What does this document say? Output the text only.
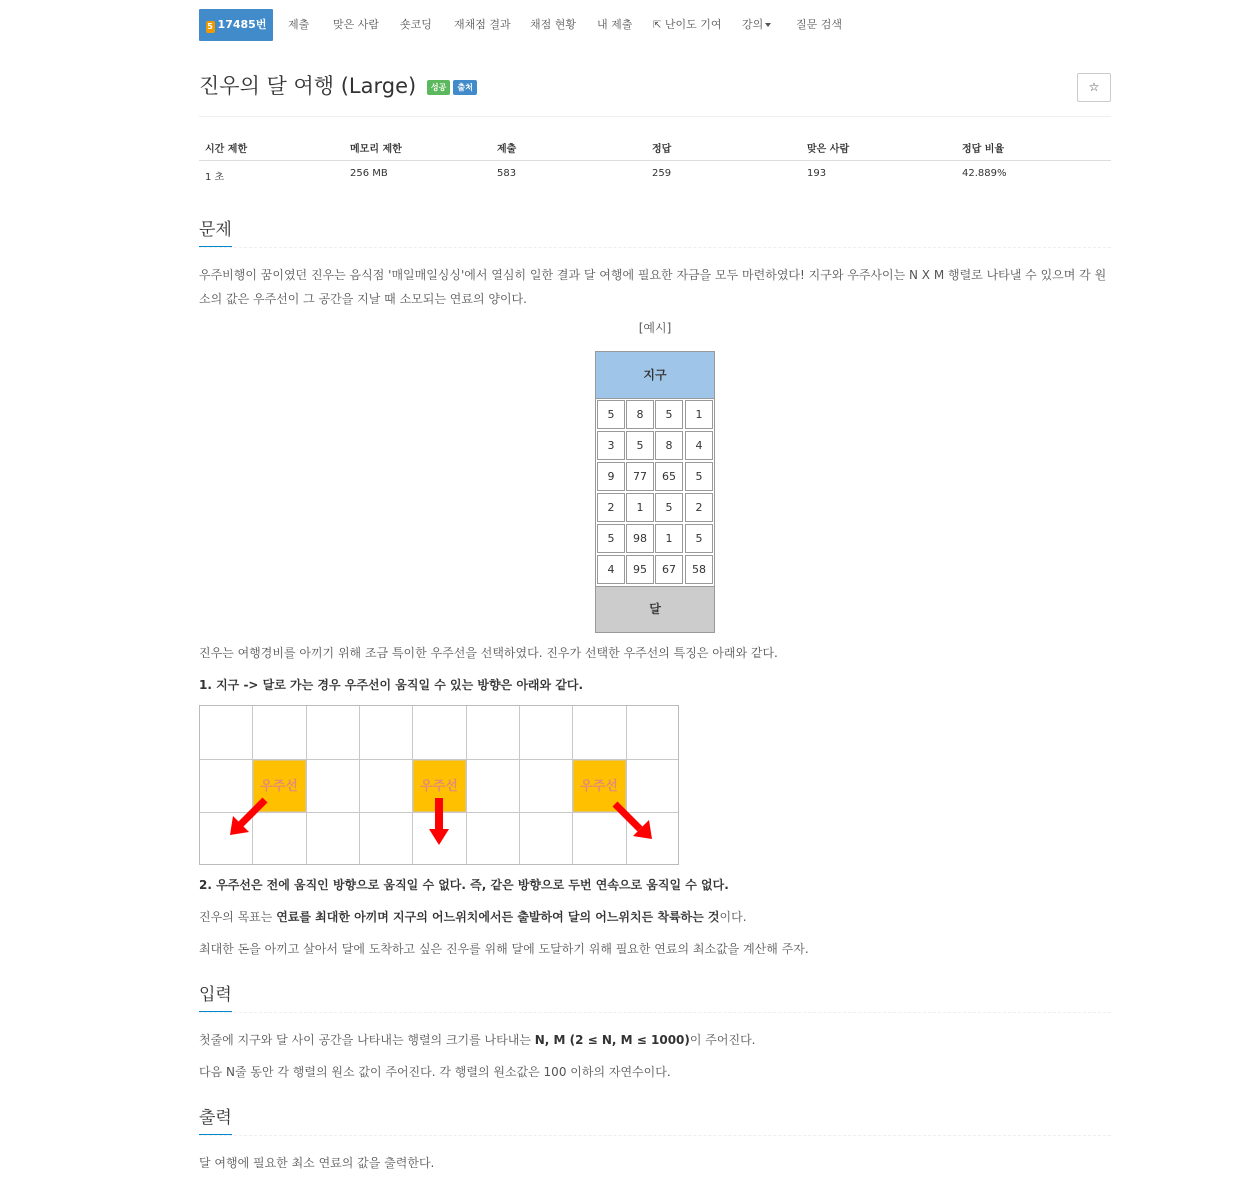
5 17485번	제출 맞은 사람 숏코딩 재채점 결과 채점 현황 내 제출 ⇱ 난이도 기여 강의	질문 검색
진우의 달 여행 (Large) 성공 출처	☆
시간 제한	메모리 제한	제출	정답	맞은 사람	정답 비율
1 초	256 MB	583	259	193	42.889%
문제
우주비행이 꿈이였던 진우는 음식점 '매일매일싱싱'에서 열심히 일한 결과 달 여행에 필요한 자금을 모두 마련하였다! 지구와 우주사이는 N X M 행렬로 나타낼 수 있으며 각 원소의 값은 우주선이 그 공간을 지날 때 소모되는 연료의 양이다.
[예시]
지구
5	8	5	1
3	5	8	4
9	77	65	5
2	1	5	2
5	98	1	5
4	95	67	58
달
진우는 여행경비를 아끼기 위해 조금 특이한 우주선을 선택하였다. 진우가 선택한 우주선의 특징은 아래와 같다.
1. 지구 -> 달로 가는 경우 우주선이 움직일 수 있는 방향은 아래와 같다.
우주선	우주선	우주선
2. 우주선은 전에 움직인 방향으로 움직일 수 없다. 즉, 같은 방향으로 두번 연속으로 움직일 수 없다.
진우의 목표는 연료를 최대한 아끼며 지구의 어느위치에서든 출발하여 달의 어느위치든 착륙하는 것이다.
최대한 돈을 아끼고 살아서 달에 도착하고 싶은 진우를 위해 달에 도달하기 위해 필요한 연료의 최소값을 계산해 주자.
입력
첫줄에 지구와 달 사이 공간을 나타내는 행렬의 크기를 나타내는 N, M (2 ≤ N, M ≤ 1000)이 주어진다.
다음 N줄 동안 각 행렬의 원소 값이 주어진다. 각 행렬의 원소값은 100 이하의 자연수이다.
출력
달 여행에 필요한 최소 연료의 값을 출력한다.
